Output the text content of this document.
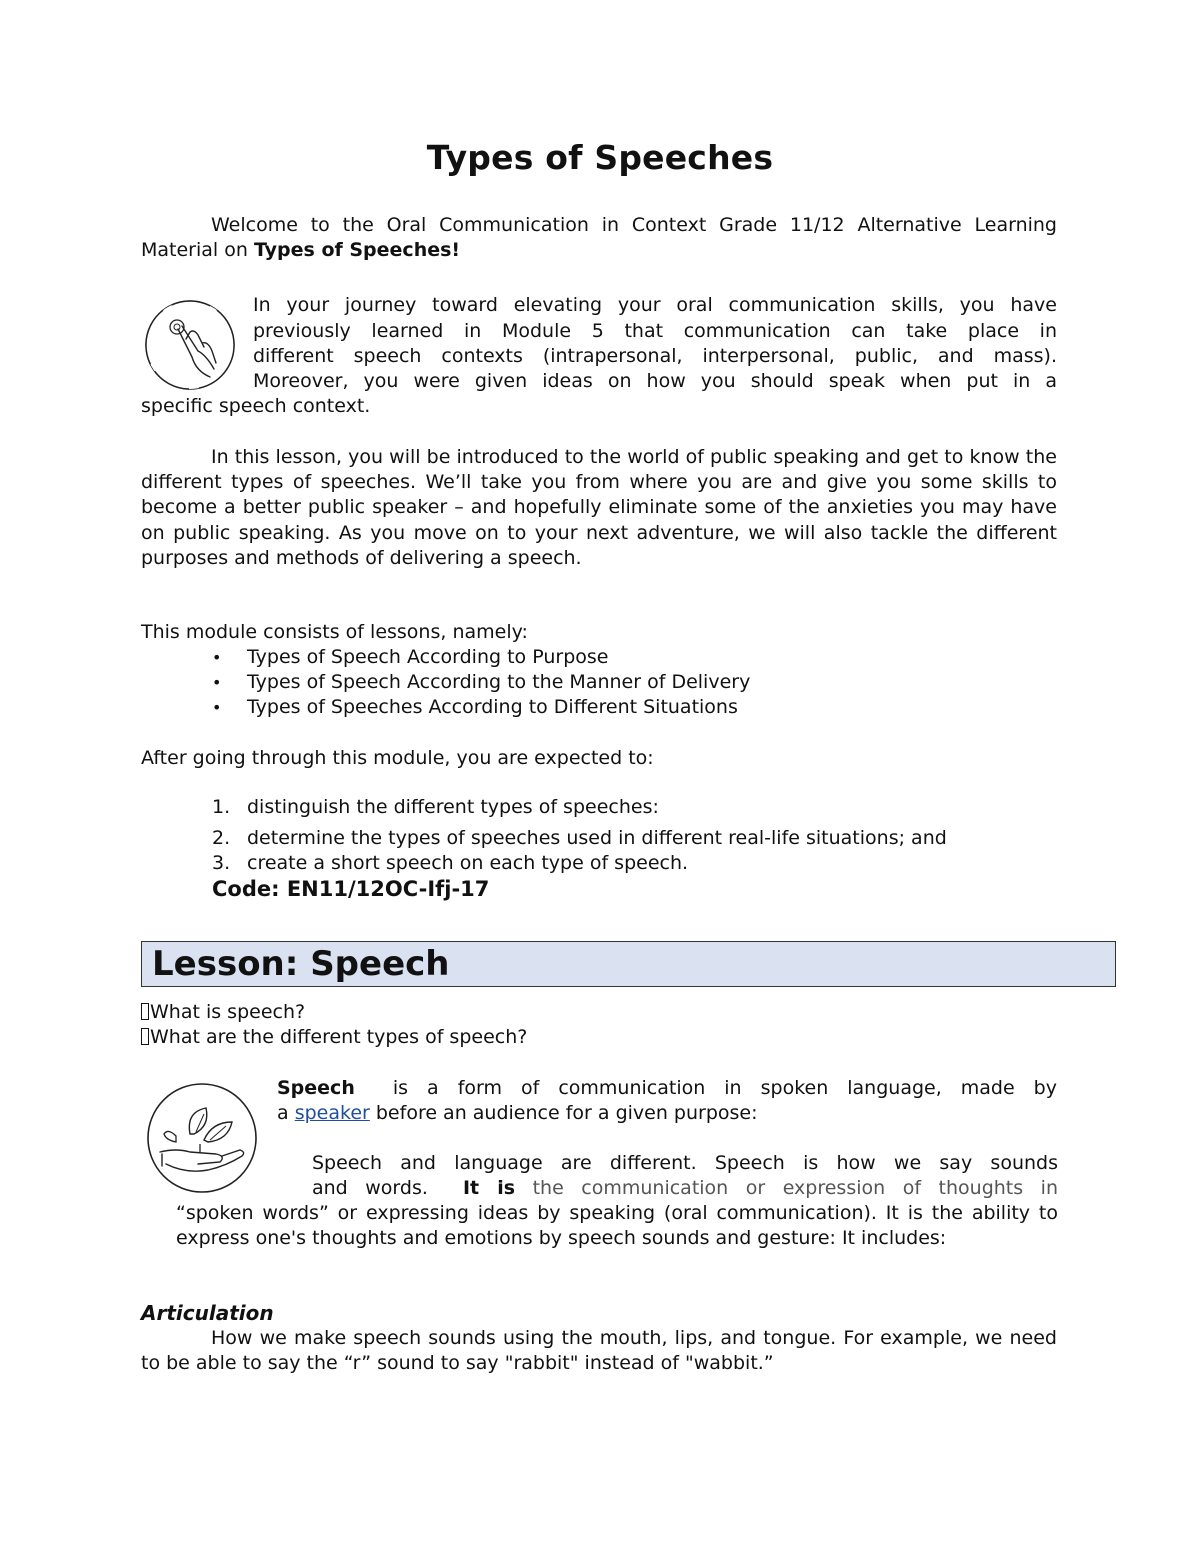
Types of Speeches

Welcome to the Oral Communication in Context Grade 11/12 Alternative Learning Material on Types of Speeches!

In your journey toward elevating your oral communication skills, you have

previously learned in Module 5 that communication can take place in

different speech contexts (intrapersonal, interpersonal, public, and mass).

Moreover, you were given ideas on how you should speak when put in a

specific speech context.

In this lesson, you will be introduced to the world of public speaking and get to know the different types of speeches. We’ll take you from where you are and give you some skills to become a better public speaker – and hopefully eliminate some of the anxieties you may have on public speaking. As you move on to your next adventure, we will also tackle the different purposes and methods of delivering a speech.

This module consists of lessons, namely:

• Types of Speech According to Purpose
• Types of Speech According to the Manner of Delivery
• Types of Speeches According to Different Situations

After going through this module, you are expected to:

1. distinguish the different types of speeches:
2. determine the types of speeches used in different real-life situations; and
3. create a short speech on each type of speech.
Code: EN11/12OC-Ifj-17
Lesson: Speech
What is speech?
What are the different types of speech?

Speech is a form of communication in spoken language, made by

a speaker before an audience for a given purpose:

Speech and language are different. Speech is how we say sounds

and words. It is the communication or expression of thoughts in

“spoken words” or expressing ideas by speaking (oral communication). It is the ability to express one's thoughts and emotions by speech sounds and gesture: It includes:

Articulation

How we make speech sounds using the mouth, lips, and tongue. For example, we need to be able to say the “r” sound to say "rabbit" instead of "wabbit.”
